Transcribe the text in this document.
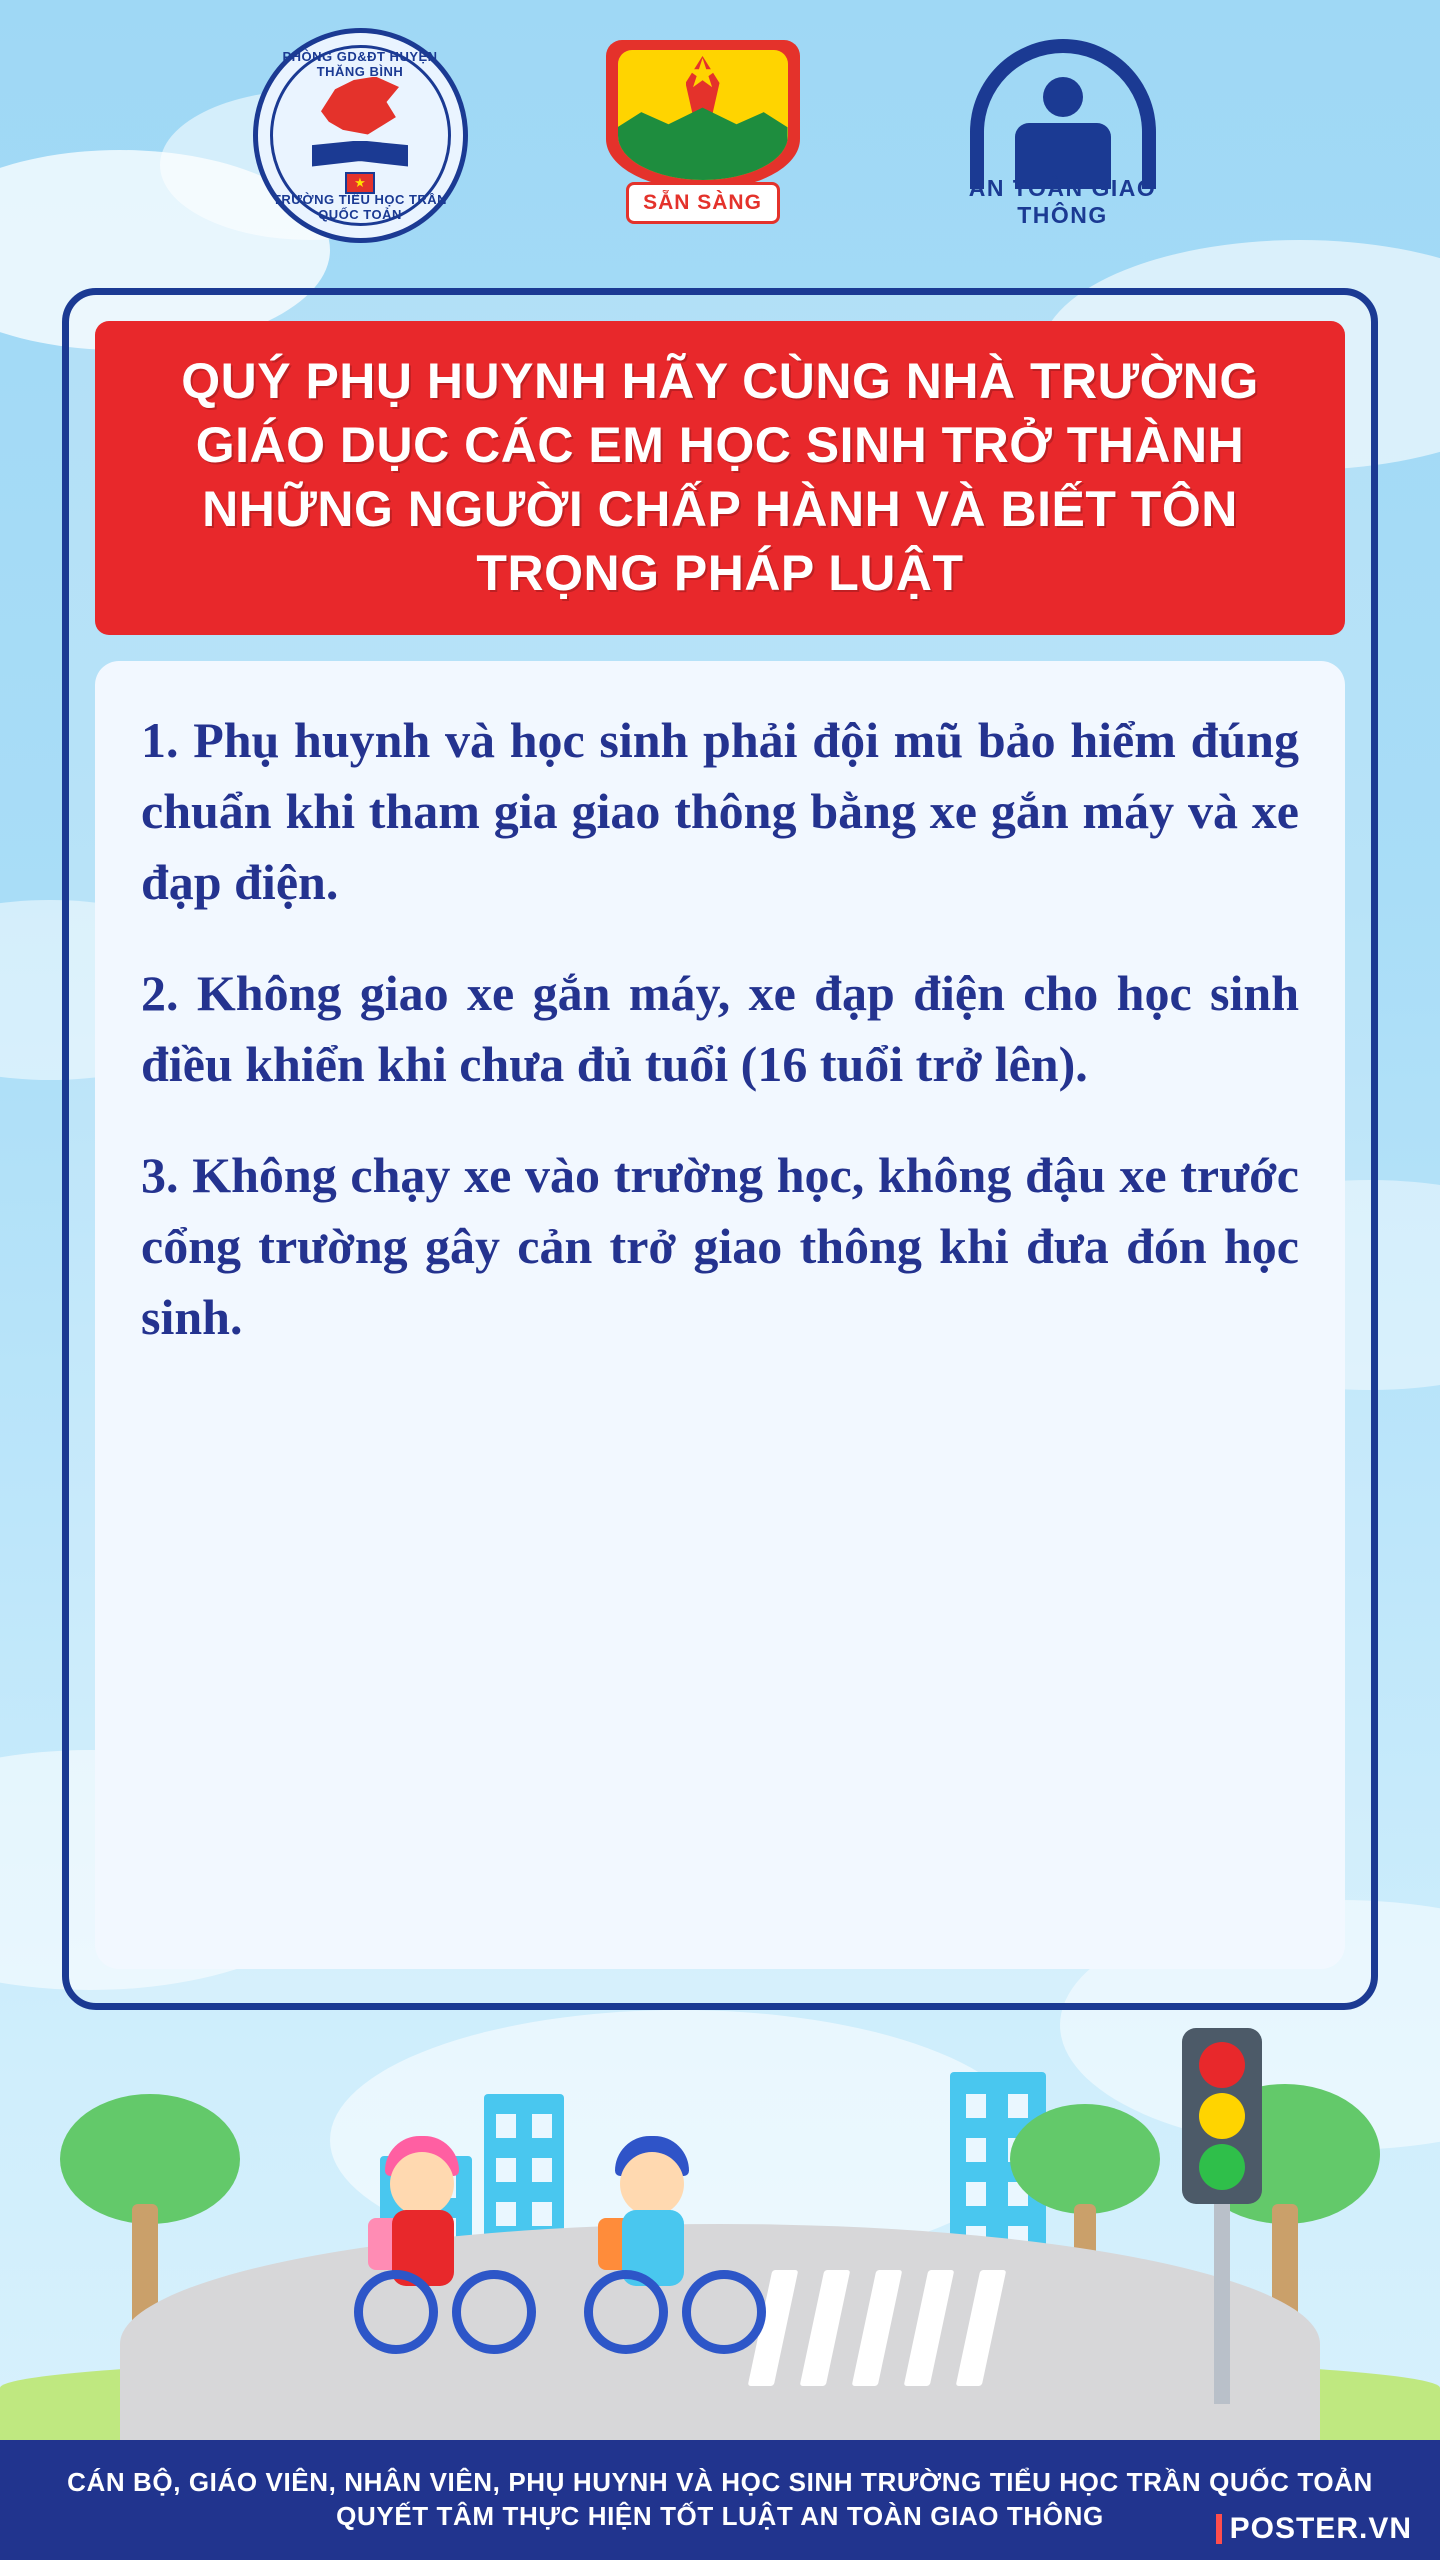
PHÒNG GD&ĐT HUYỆN THĂNG BÌNH
★
TRƯỜNG TIỂU HỌC TRẦN QUỐC TOẢN
★
SẴN SÀNG
AN TOÀN GIAO THÔNG

QUÝ PHỤ HUYNH HÃY CÙNG NHÀ TRƯỜNG GIÁO DỤC CÁC EM HỌC SINH TRỞ THÀNH NHỮNG NGƯỜI CHẤP HÀNH VÀ BIẾT TÔN TRỌNG PHÁP LUẬT

1. Phụ huynh và học sinh phải đội mũ bảo hiểm đúng chuẩn khi tham gia giao thông bằng xe gắn máy và xe đạp điện.

2. Không giao xe gắn máy, xe đạp điện cho học sinh điều khiển khi chưa đủ tuổi (16 tuổi trở lên).

3. Không chạy xe vào trường học, không đậu xe trước cổng trường gây cản trở giao thông khi đưa đón học sinh.

CÁN BỘ, GIÁO VIÊN, NHÂN VIÊN, PHỤ HUYNH VÀ HỌC SINH TRƯỜNG TIỂU HỌC TRẦN QUỐC TOẢN

QUYẾT TÂM THỰC HIỆN TỐT LUẬT AN TOÀN GIAO THÔNG	POSTER.VN
